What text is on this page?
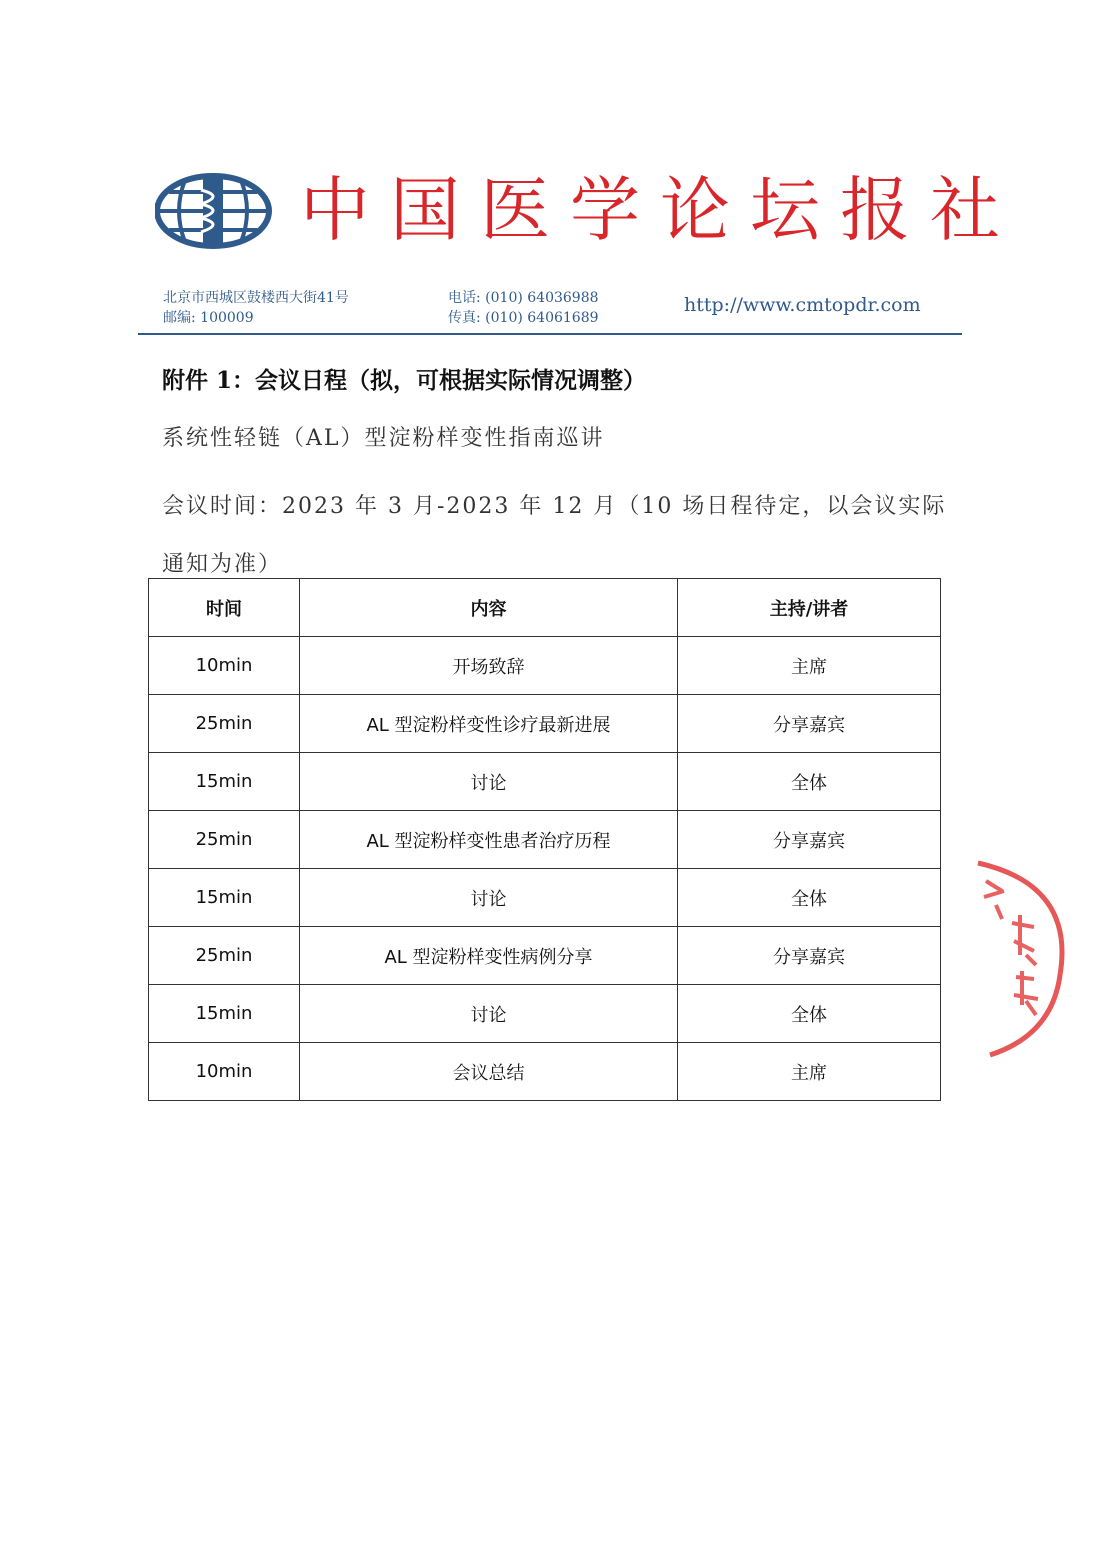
中国医学论坛报社
北京市西城区鼓楼西大街41号
邮编: 100009
电话: (010) 64036988
传真: (010) 64061689
http://www.cmtopdr.com
附件 1：会议日程（拟，可根据实际情况调整）
系统性轻链（AL）型淀粉样变性指南巡讲
会议时间：2023 年 3 月-2023 年 12 月（10 场日程待定，以会议实际通知为准）
时间	内容	主持/讲者
10min	开场致辞	主席
25min	AL 型淀粉样变性诊疗最新进展	分享嘉宾
15min	讨论	全体
25min	AL 型淀粉样变性患者治疗历程	分享嘉宾
15min	讨论	全体
25min	AL 型淀粉样变性病例分享	分享嘉宾
15min	讨论	全体
10min	会议总结	主席
